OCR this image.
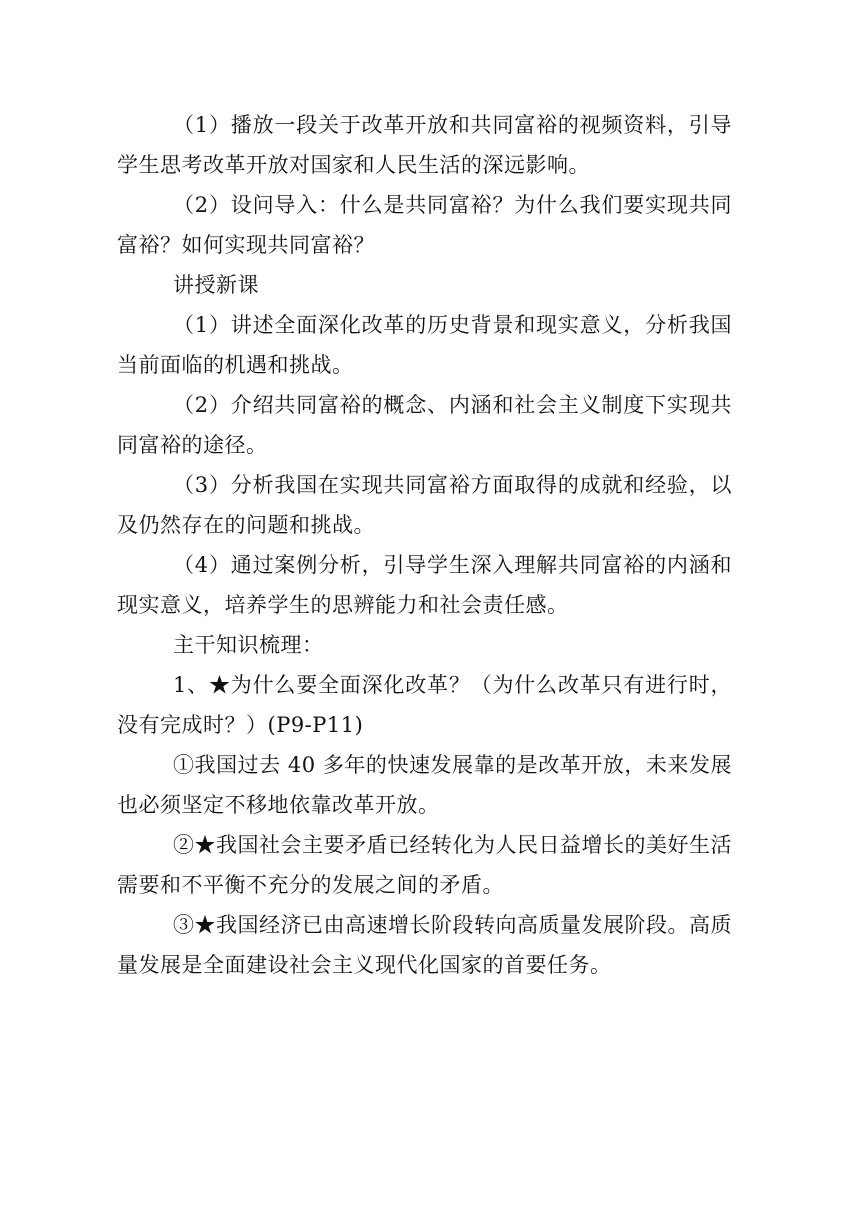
（1）播放一段关于改革开放和共同富裕的视频资料，引导学生思考改革开放对国家和人民生活的深远影响。

（2）设问导入：什么是共同富裕？为什么我们要实现共同富裕？如何实现共同富裕？

讲授新课

（1）讲述全面深化改革的历史背景和现实意义，分析我国当前面临的机遇和挑战。

（2）介绍共同富裕的概念、内涵和社会主义制度下实现共同富裕的途径。

（3）分析我国在实现共同富裕方面取得的成就和经验，以及仍然存在的问题和挑战。

（4）通过案例分析，引导学生深入理解共同富裕的内涵和现实意义，培养学生的思辨能力和社会责任感。

主干知识梳理：

1、★为什么要全面深化改革？（为什么改革只有进行时，没有完成时？）(P9-P11)

①我国过去 40 多年的快速发展靠的是改革开放，未来发展也必须坚定不移地依靠改革开放。

②★我国社会主要矛盾已经转化为人民日益增长的美好生活需要和不平衡不充分的发展之间的矛盾。

③★我国经济已由高速增长阶段转向高质量发展阶段。高质量发展是全面建设社会主义现代化国家的首要任务。
